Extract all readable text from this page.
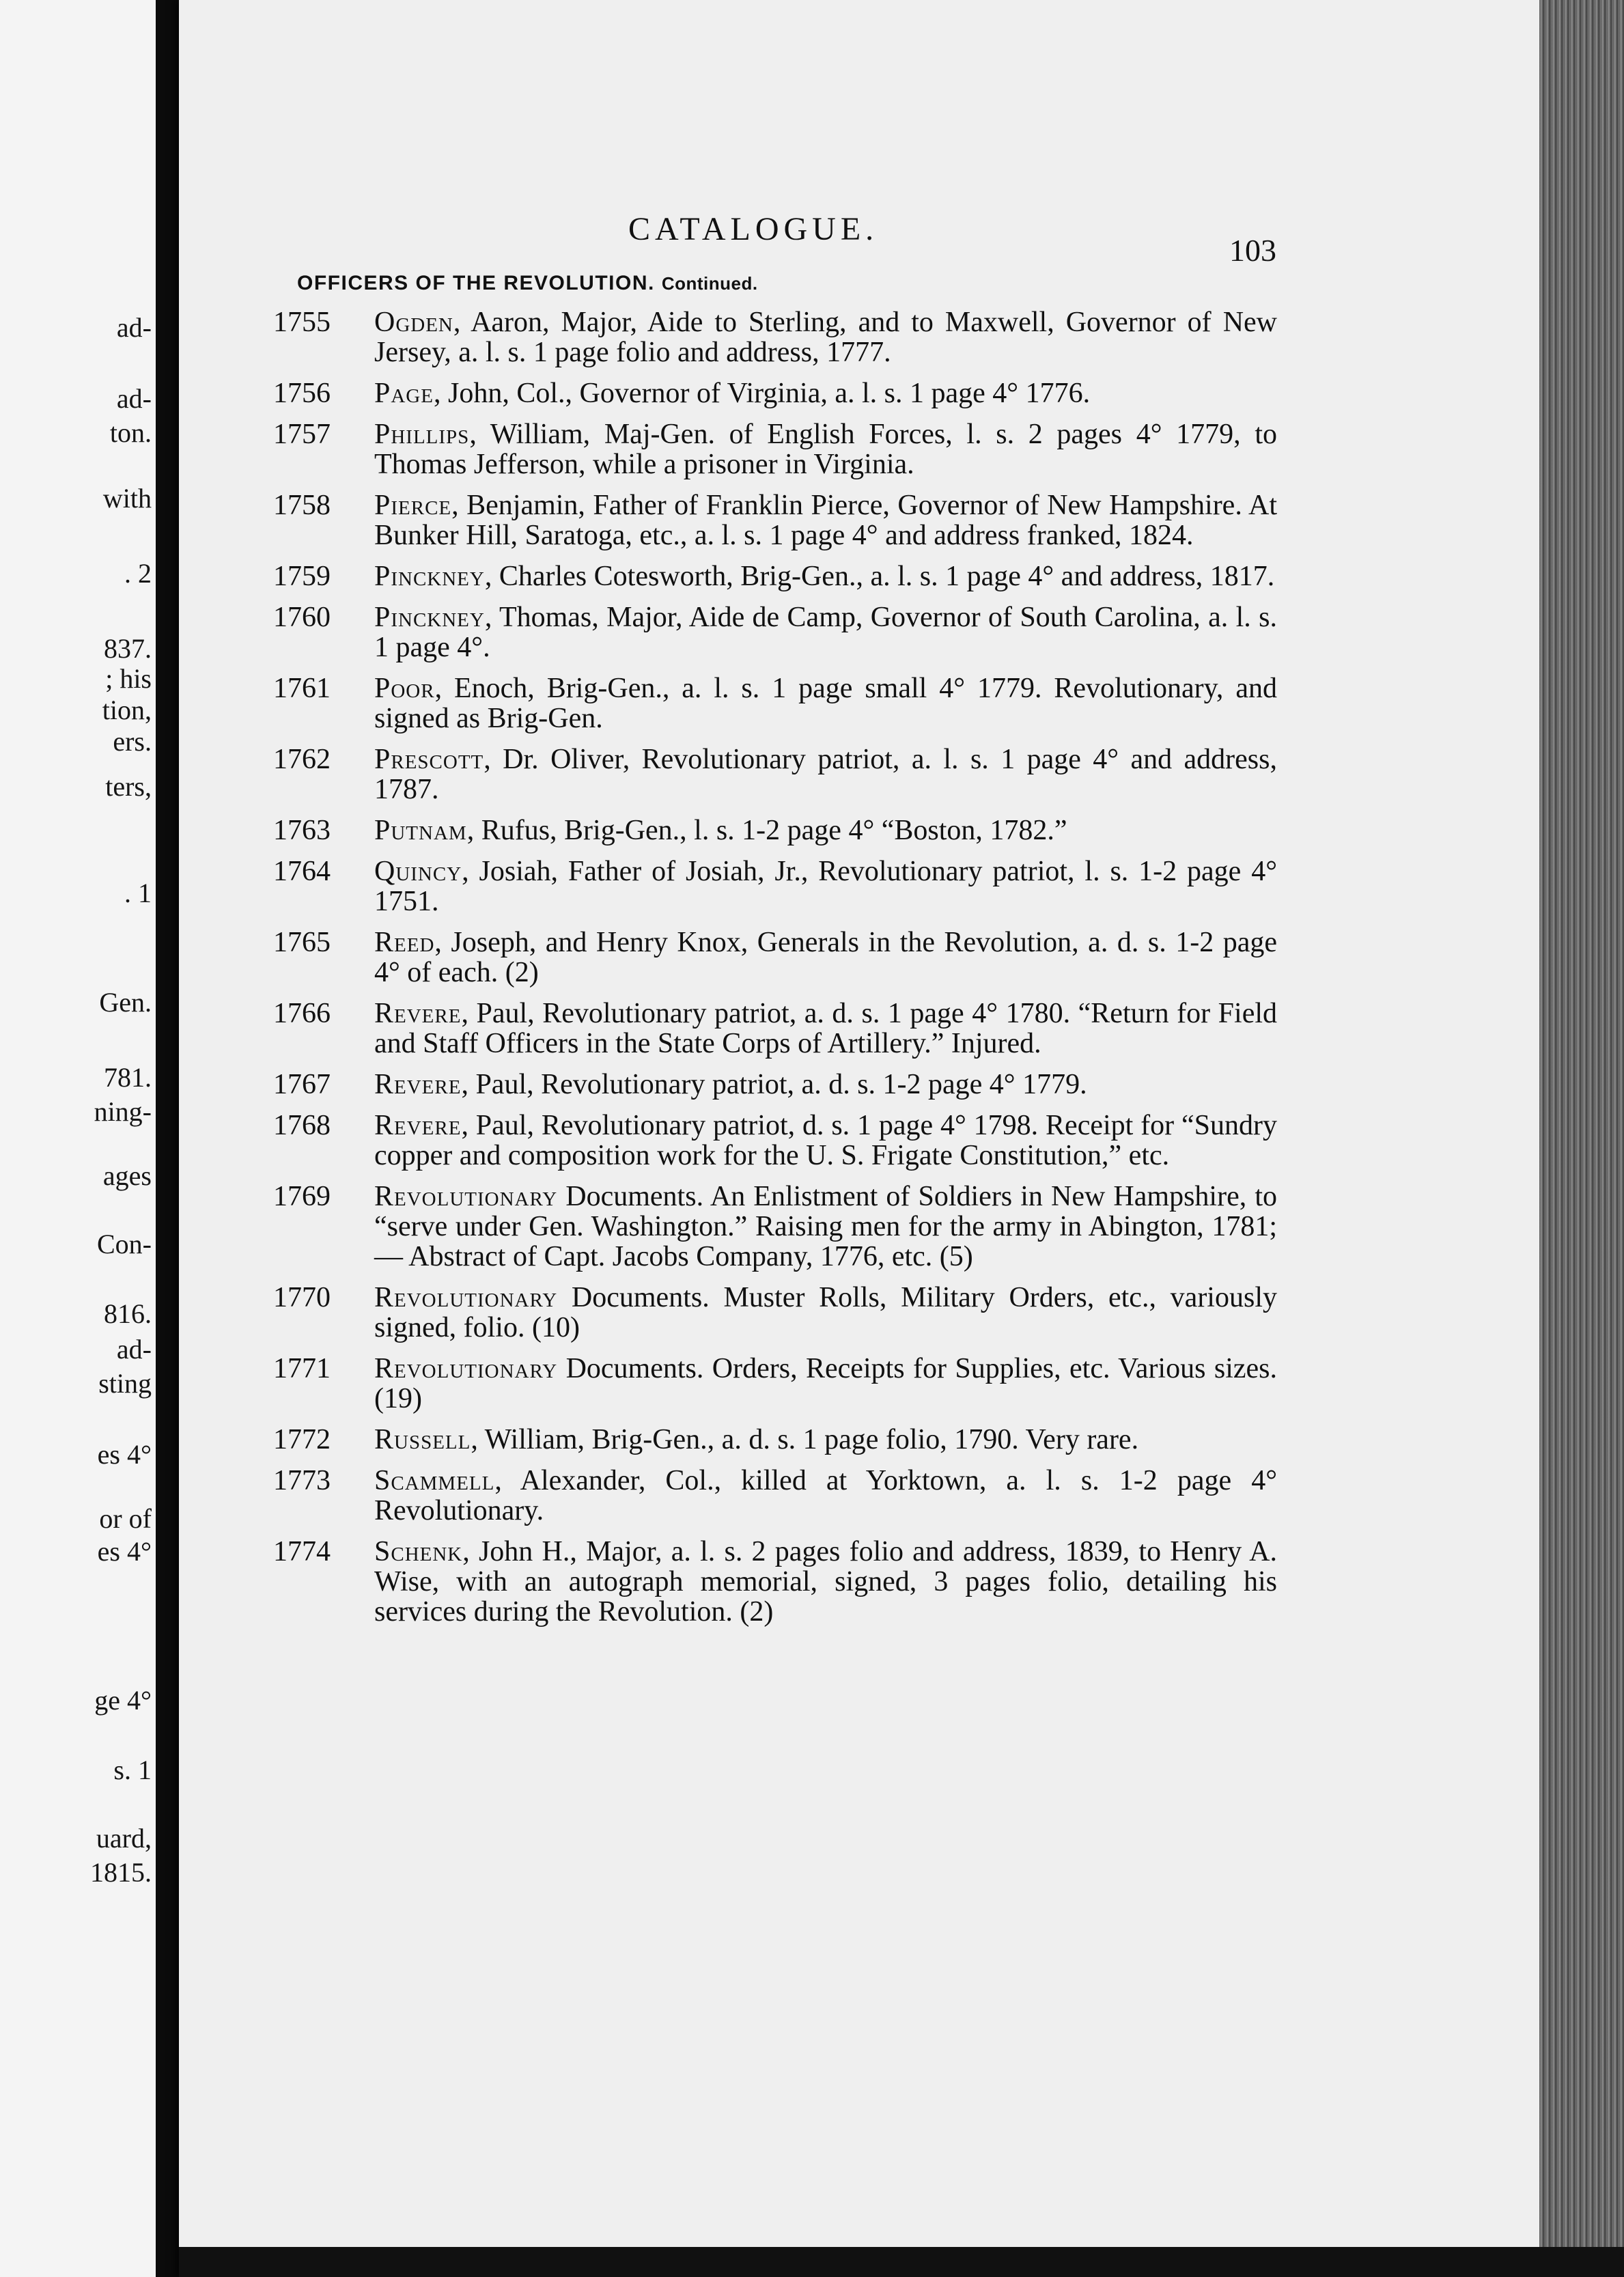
ad-
ad-
ton.
with
. 2
837.
; his
tion,
ers.
ters,
. 1
Gen.
781.
ning-
ages
Con-
816.
ad-
sting
es 4°
or of
es 4°
ge 4°
s. 1
uard,
1815.
CATALOGUE.
103
OFFICERS OF THE REVOLUTION. Continued.
1755 Ogden, Aaron, Major, Aide to Sterling, and to Maxwell, Governor of New Jersey, a. l. s. 1 page folio and address, 1777.
1756 Page, John, Col., Governor of Virginia, a. l. s. 1 page 4° 1776.
1757 Phillips, William, Maj-Gen. of English Forces, l. s. 2 pages 4° 1779, to Thomas Jefferson, while a prisoner in Virginia.
1758 Pierce, Benjamin, Father of Franklin Pierce, Governor of New Hampshire. At Bunker Hill, Saratoga, etc., a. l. s. 1 page 4° and address franked, 1824.
1759 Pinckney, Charles Cotesworth, Brig-Gen., a. l. s. 1 page 4° and address, 1817.
1760 Pinckney, Thomas, Major, Aide de Camp, Governor of South Carolina, a. l. s. 1 page 4°.
1761 Poor, Enoch, Brig-Gen., a. l. s. 1 page small 4° 1779. Revolutionary, and signed as Brig-Gen.
1762 Prescott, Dr. Oliver, Revolutionary patriot, a. l. s. 1 page 4° and address, 1787.
1763 Putnam, Rufus, Brig-Gen., l. s. 1-2 page 4° “Boston, 1782.”
1764 Quincy, Josiah, Father of Josiah, Jr., Revolutionary patriot, l. s. 1-2 page 4° 1751.
1765 Reed, Joseph, and Henry Knox, Generals in the Revolution, a. d. s. 1-2 page 4° of each. (2)
1766 Revere, Paul, Revolutionary patriot, a. d. s. 1 page 4° 1780. “Return for Field and Staff Officers in the State Corps of Artillery.” Injured.
1767 Revere, Paul, Revolutionary patriot, a. d. s. 1-2 page 4° 1779.
1768 Revere, Paul, Revolutionary patriot, d. s. 1 page 4° 1798. Receipt for “Sundry copper and composition work for the U. S. Frigate Constitution,” etc.
1769 Revolutionary Documents. An Enlistment of Soldiers in New Hampshire, to “serve under Gen. Washington.” Raising men for the army in Abington, 1781; — Abstract of Capt. Jacobs Company, 1776, etc. (5)
1770 Revolutionary Documents. Muster Rolls, Military Orders, etc., variously signed, folio. (10)
1771 Revolutionary Documents. Orders, Receipts for Supplies, etc. Various sizes. (19)
1772 Russell, William, Brig-Gen., a. d. s. 1 page folio, 1790. Very rare.
1773 Scammell, Alexander, Col., killed at Yorktown, a. l. s. 1-2 page 4° Revolutionary.
1774 Schenk, John H., Major, a. l. s. 2 pages folio and address, 1839, to Henry A. Wise, with an autograph memorial, signed, 3 pages folio, detailing his services during the Revolution. (2)
